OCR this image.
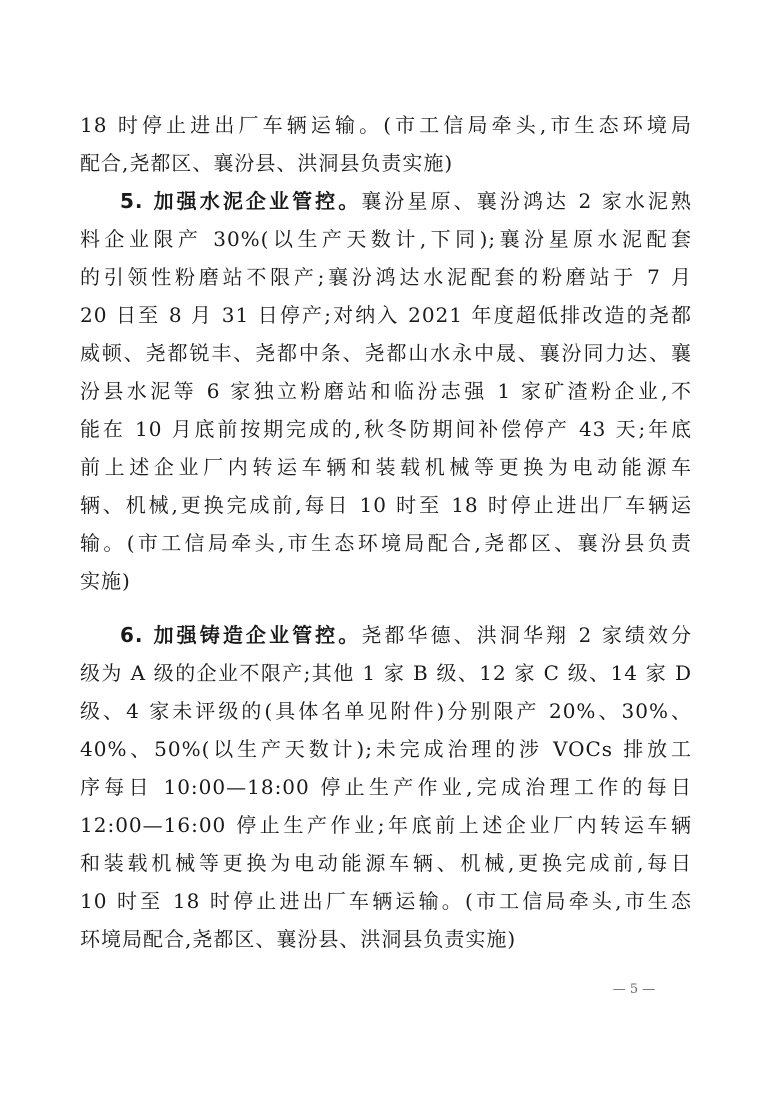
18 时停止进出厂车辆运输。(市工信局牵头,市生态环境局
配合,尧都区、襄汾县、洪洞县负责实施)
5. 加强水泥企业管控。襄汾星原、襄汾鸿达 2 家水泥熟
料企业限产 30%(以生产天数计,下同);襄汾星原水泥配套
的引领性粉磨站不限产;襄汾鸿达水泥配套的粉磨站于 7 月
20 日至 8 月 31 日停产;对纳入 2021 年度超低排改造的尧都
威顿、尧都锐丰、尧都中条、尧都山水永中晟、襄汾同力达、襄
汾县水泥等 6 家独立粉磨站和临汾志强 1 家矿渣粉企业,不
能在 10 月底前按期完成的,秋冬防期间补偿停产 43 天;年底
前上述企业厂内转运车辆和装载机械等更换为电动能源车
辆、机械,更换完成前,每日 10 时至 18 时停止进出厂车辆运
输。(市工信局牵头,市生态环境局配合,尧都区、襄汾县负责
实施)
6. 加强铸造企业管控。尧都华德、洪洞华翔 2 家绩效分
级为 A 级的企业不限产;其他 1 家 B 级、12 家 C 级、14 家 D
级、4 家未评级的(具体名单见附件)分别限产 20%、30%、
40%、50%(以生产天数计);未完成治理的涉 VOCs 排放工
序每日 10:00—18:00 停止生产作业,完成治理工作的每日
12:00—16:00 停止生产作业;年底前上述企业厂内转运车辆
和装载机械等更换为电动能源车辆、机械,更换完成前,每日
10 时至 18 时停止进出厂车辆运输。(市工信局牵头,市生态
环境局配合,尧都区、襄汾县、洪洞县负责实施)
— 5 —
